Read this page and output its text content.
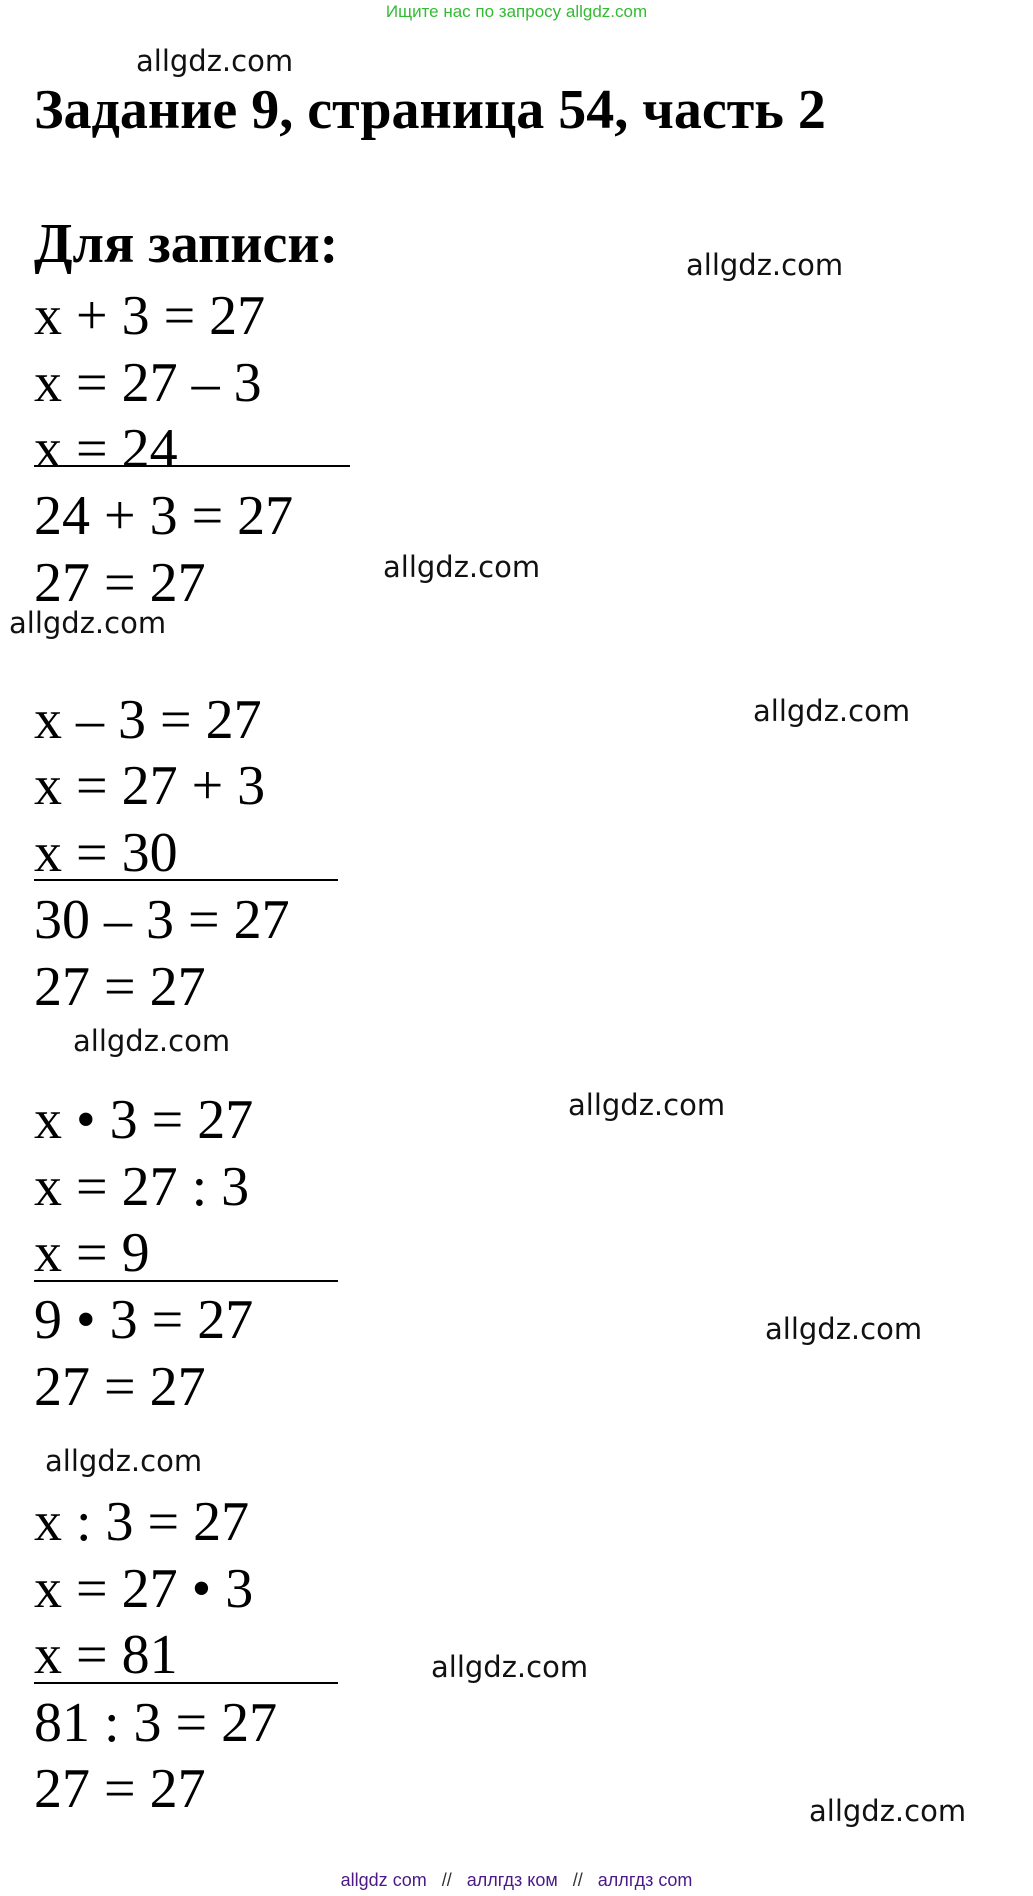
Ищите нас по запросу allgdz.com
allgdz.com
allgdz.com
allgdz.com
allgdz.com
allgdz.com
allgdz.com
allgdz.com
allgdz.com
allgdz.com
allgdz.com
allgdz.com
Задание 9, страница 54, часть 2
Для записи:
x + 3 = 27
x = 27 – 3
x = 24
24 + 3 = 27
27 = 27
x – 3 = 27
x = 27 + 3
x = 30
30 – 3 = 27
27 = 27
x • 3 = 27
x = 27 : 3
x = 9
9 • 3 = 27
27 = 27
x : 3 = 27
x = 27 • 3
x = 81
81 : 3 = 27
27 = 27
allgdz com // аллгдз ком // аллгдз com
